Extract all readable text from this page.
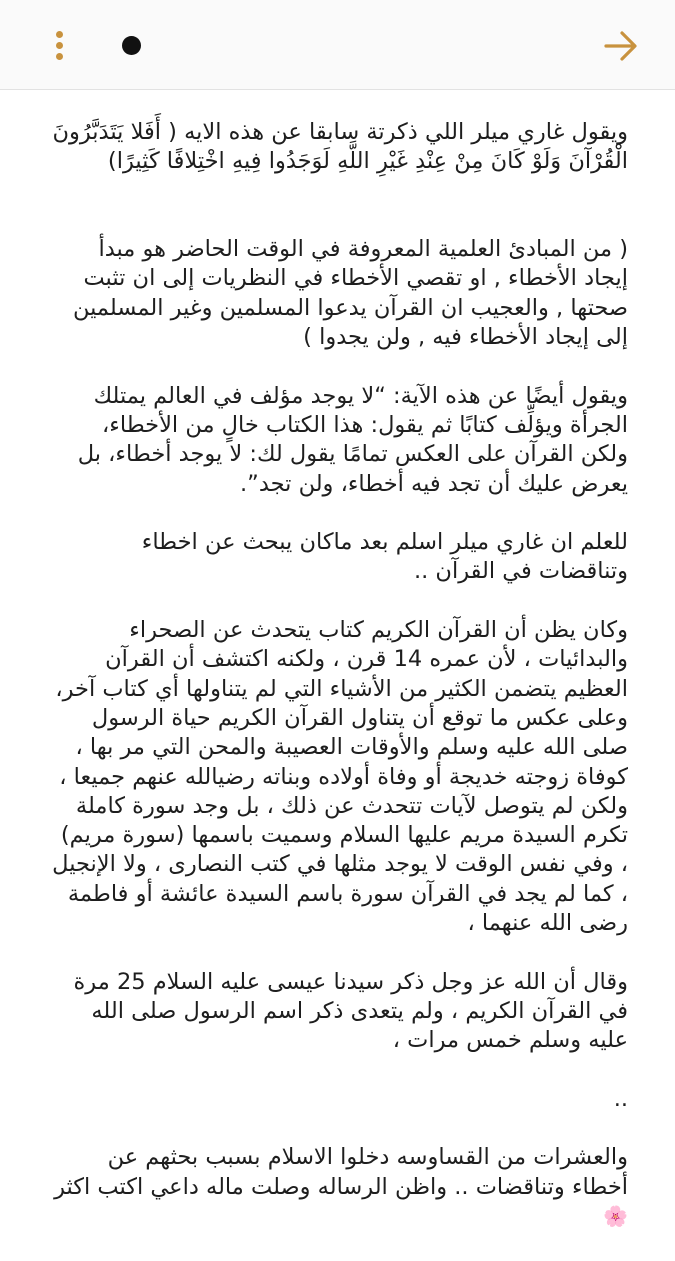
ويقول غاري ميلر اللي ذكرتة سابقا عن هذه الايه ( أَفَلا يَتَدَبَّرُونَ الْقُرْآنَ وَلَوْ كَانَ مِنْ عِنْدِ غَيْرِ اللَّهِ لَوَجَدُوا فِيهِ اخْتِلافًا كَثِيرًا)

( من المبادئ العلمية المعروفة في الوقت الحاضر هو مبدأ إيجاد الأخطاء , او تقصي الأخطاء في النظريات إلى ان تثبت صحتها , والعجيب ان القرآن يدعوا المسلمين وغير المسلمين إلى إيجاد الأخطاء فيه , ولن يجدوا )

ويقول أيضًا عن هذه الآية: “لا يوجد مؤلف في العالم يمتلك الجرأة ويؤلِّف كتابًا ثم يقول: هذا الكتاب خالٍ من الأخطاء، ولكن القرآن على العكس تمامًا يقول لك: لا يوجد أخطاء، بل يعرض عليك أن تجد فيه أخطاء، ولن تجد”.

للعلم ان غاري ميلر اسلم بعد ماكان يبحث عن اخطاء وتناقضات في القرآن ..

وكان يظن أن القرآن الكريم كتاب يتحدث عن الصحراء والبدائيات ، لأن عمره 14 قرن ، ولكنه اكتشف أن القرآن العظيم يتضمن الكثير من الأشياء التي لم يتناولها أي كتاب آخر، وعلى عكس ما توقع أن يتناول القرآن الكريم حياة الرسول صلى الله عليه وسلم والأوقات العصيبة والمحن التي مر بها ، كوفاة زوجته خديجة أو وفاة أولاده وبناته رضيالله عنهم جميعا ، ولكن لم يتوصل لآيات تتحدث عن ذلك ، بل وجد سورة كاملة تكرم السيدة مريم عليها السلام وسميت باسمها (سورة مريم) ، وفي نفس الوقت لا يوجد مثلها في كتب النصارى ، ولا الإنجيل ، كما لم يجد في القرآن سورة باسم السيدة عائشة أو فاطمة رضى الله عنهما ،

وقال أن الله عز وجل ذكر سيدنا عيسى عليه السلام 25 مرة في القرآن الكريم ، ولم يتعدى ذكر اسم الرسول صلى الله عليه وسلم خمس مرات ،

..

والعشرات من القساوسه دخلوا الاسلام بسبب بحثهم عن أخطاء وتناقضات .. واظن الرساله وصلت ماله داعي اكتب اكثر 🌸
